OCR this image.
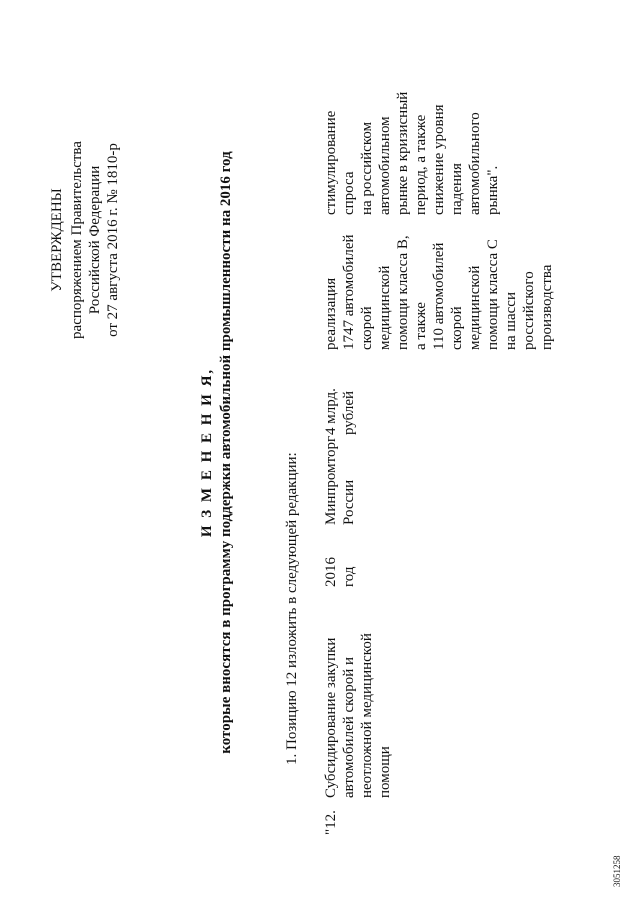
УТВЕРЖДЕНЫ распоряжением Правительства Российской Федерации от 27 августа 2016 г. № 1810-р
И З М Е Н Е Н И Я, которые вносятся в программу поддержки автомобильной промышленности на 2016 год	1. Позицию 12 изложить в следующей редакции:
"12.
Субсидирование закупки автомобилей скорой и неотложной медицинской помощи
2016 год
Минпромторг России
4 млрд. рублей
реализация 1747 автомобилей скорой медицинской помощи класса В, а также 110 автомобилей скорой медицинской помощи класса С на шасси российского производства
стимулирование спроса на российском автомобильном рынке в кризисный период, а также снижение уровня падения автомобильного рынка".
3051258
